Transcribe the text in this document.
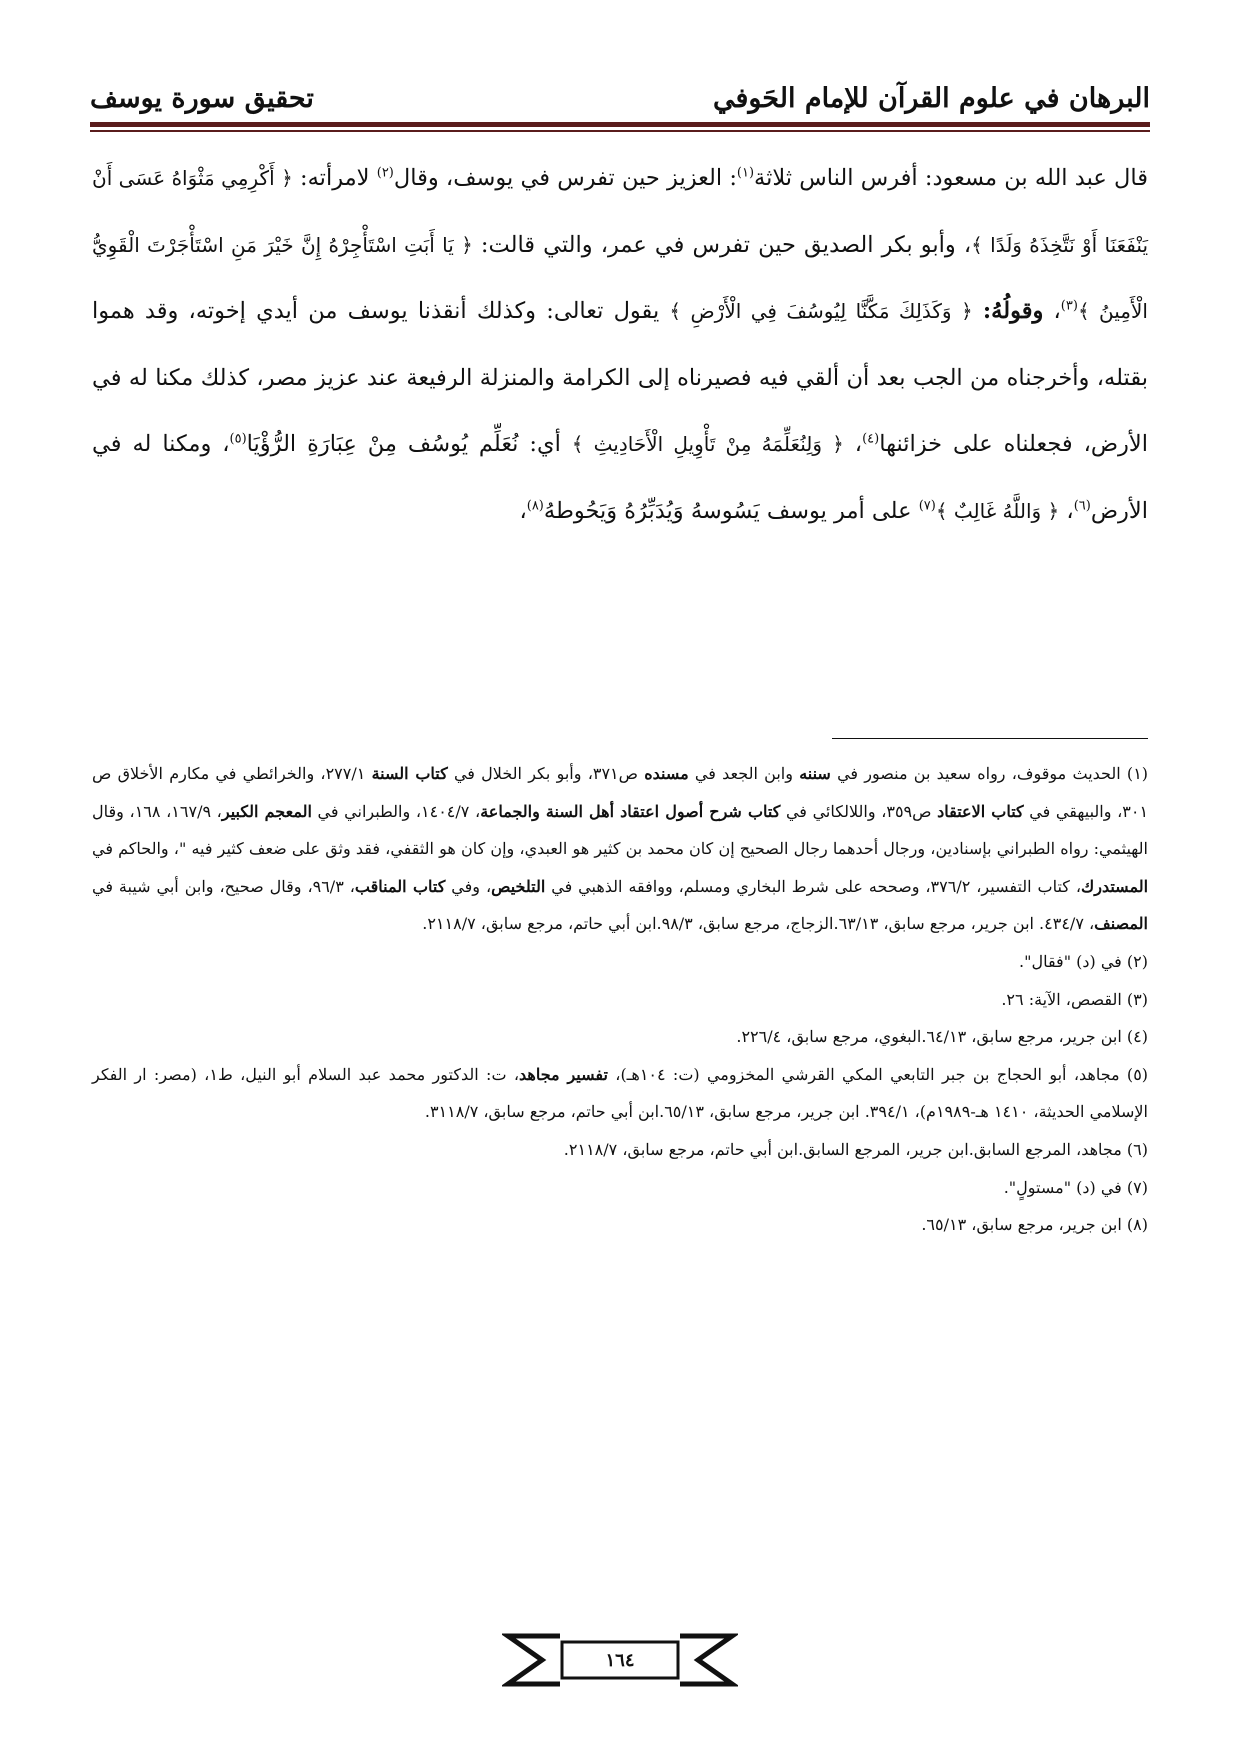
البرهان في علوم القرآن للإمام الحَوفي
تحقيق سورة يوسف

قال عبد الله بن مسعود: أفرس الناس ثلاثة$^{(١)}$: العزيز حين تفرس في يوسف، وقال$^{(٢)}$ لامرأته: ﴿ أَكْرِمِي مَثْوَاهُ عَسَى أَنْ يَنْفَعَنَا أَوْ نَتَّخِذَهُ وَلَدًا ﴾، وأبو بكر الصديق حين تفرس في عمر، والتي قالت: ﴿ يَا أَبَتِ اسْتَأْجِرْهُ إِنَّ خَيْرَ مَنِ اسْتَأْجَرْتَ الْقَوِيُّ الْأَمِينُ ﴾$^{(٣)}$، وقولُهُ: ﴿ وَكَذَلِكَ مَكَّنَّا لِيُوسُفَ فِي الْأَرْضِ ﴾ يقول تعالى: وكذلك أنقذنا يوسف من أيدي إخوته، وقد هموا بقتله، وأخرجناه من الجب بعد أن ألقي فيه فصيرناه إلى الكرامة والمنزلة الرفيعة عند عزيز مصر، كذلك مكنا له في الأرض، فجعلناه على خزائنها$^{(٤)}$، ﴿ وَلِنُعَلِّمَهُ مِنْ تَأْوِيلِ الْأَحَادِيثِ ﴾ أي: نُعَلِّم يُوسُف مِنْ عِبَارَةِ الرُّؤْيَا$^{(٥)}$، ومكنا له في الأرض$^{(٦)}$، ﴿ وَاللَّهُ غَالِبٌ ﴾$^{(٧)}$ على أمر يوسف يَسُوسهُ وَيُدَبِّرُهُ وَيَحُوطهُ$^{(٨)}$،

(١) الحديث موقوف، رواه سعيد بن منصور في سننه وابن الجعد في مسنده ص٣٧١، وأبو بكر الخلال في كتاب السنة ٢٧٧/١، والخرائطي في مكارم الأخلاق ص ٣٠١، والبيهقي في كتاب الاعتقاد ص٣٥٩، واللالكائي في كتاب شرح أصول اعتقاد أهل السنة والجماعة، ١٤٠٤/٧، والطبراني في المعجم الكبير، ١٦٧/٩، ١٦٨، وقال الهيثمي: رواه الطبراني بإسنادين، ورجال أحدهما رجال الصحيح إن كان محمد بن كثير هو العبدي، وإن كان هو الثقفي، فقد وثق على ضعف كثير فيه "، والحاكم في المستدرك، كتاب التفسير، ٣٧٦/٢، وصححه على شرط البخاري ومسلم، ووافقه الذهبي في التلخيص، وفي كتاب المناقب، ٩٦/٣، وقال صحيح، وابن أبي شيبة في المصنف، ٤٣٤/٧. ابن جرير، مرجع سابق، ٦٣/١٣.الزجاج، مرجع سابق، ٩٨/٣.ابن أبي حاتم، مرجع سابق، ٢١١٨/٧.

(٢) في (د) "فقال".

(٣) القصص، الآية: ٢٦.

(٤) ابن جرير، مرجع سابق، ٦٤/١٣.البغوي، مرجع سابق، ٢٢٦/٤.

(٥) مجاهد، أبو الحجاج بن جبر التابعي المكي القرشي المخزومي (ت: ١٠٤هـ)، تفسير مجاهد، ت: الدكتور محمد عبد السلام أبو النيل، ط١، (مصر: ار الفكر الإسلامي الحديثة، ١٤١٠ هـ-١٩٨٩م)، ٣٩٤/١. ابن جرير، مرجع سابق، ٦٥/١٣.ابن أبي حاتم، مرجع سابق، ٣١١٨/٧.

(٦) مجاهد، المرجع السابق.ابن جرير، المرجع السابق.ابن أبي حاتم، مرجع سابق، ٢١١٨/٧.

(٧) في (د) "مستولٍ".

(٨) ابن جرير، مرجع سابق، ٦٥/١٣.

١٦٤
